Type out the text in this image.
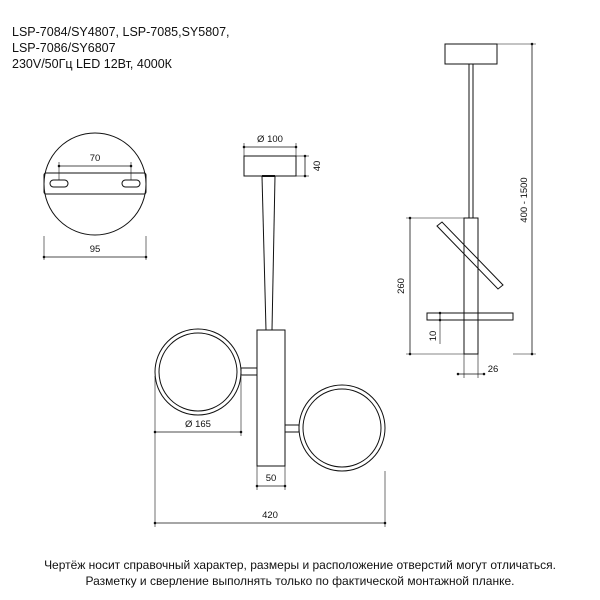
LSP-7084/SY4807, LSP-7085,SY5807,
LSP-7086/SY6807
230V/50Гц LED 12Вт, 4000К
70
95
Ø 100
40
Ø 165
50
420
260
10
26
400 - 1500
Чертёж носит справочный характер, размеры и расположение отверстий могут отличаться.
Разметку и сверление выполнять только по фактической монтажной планке.
